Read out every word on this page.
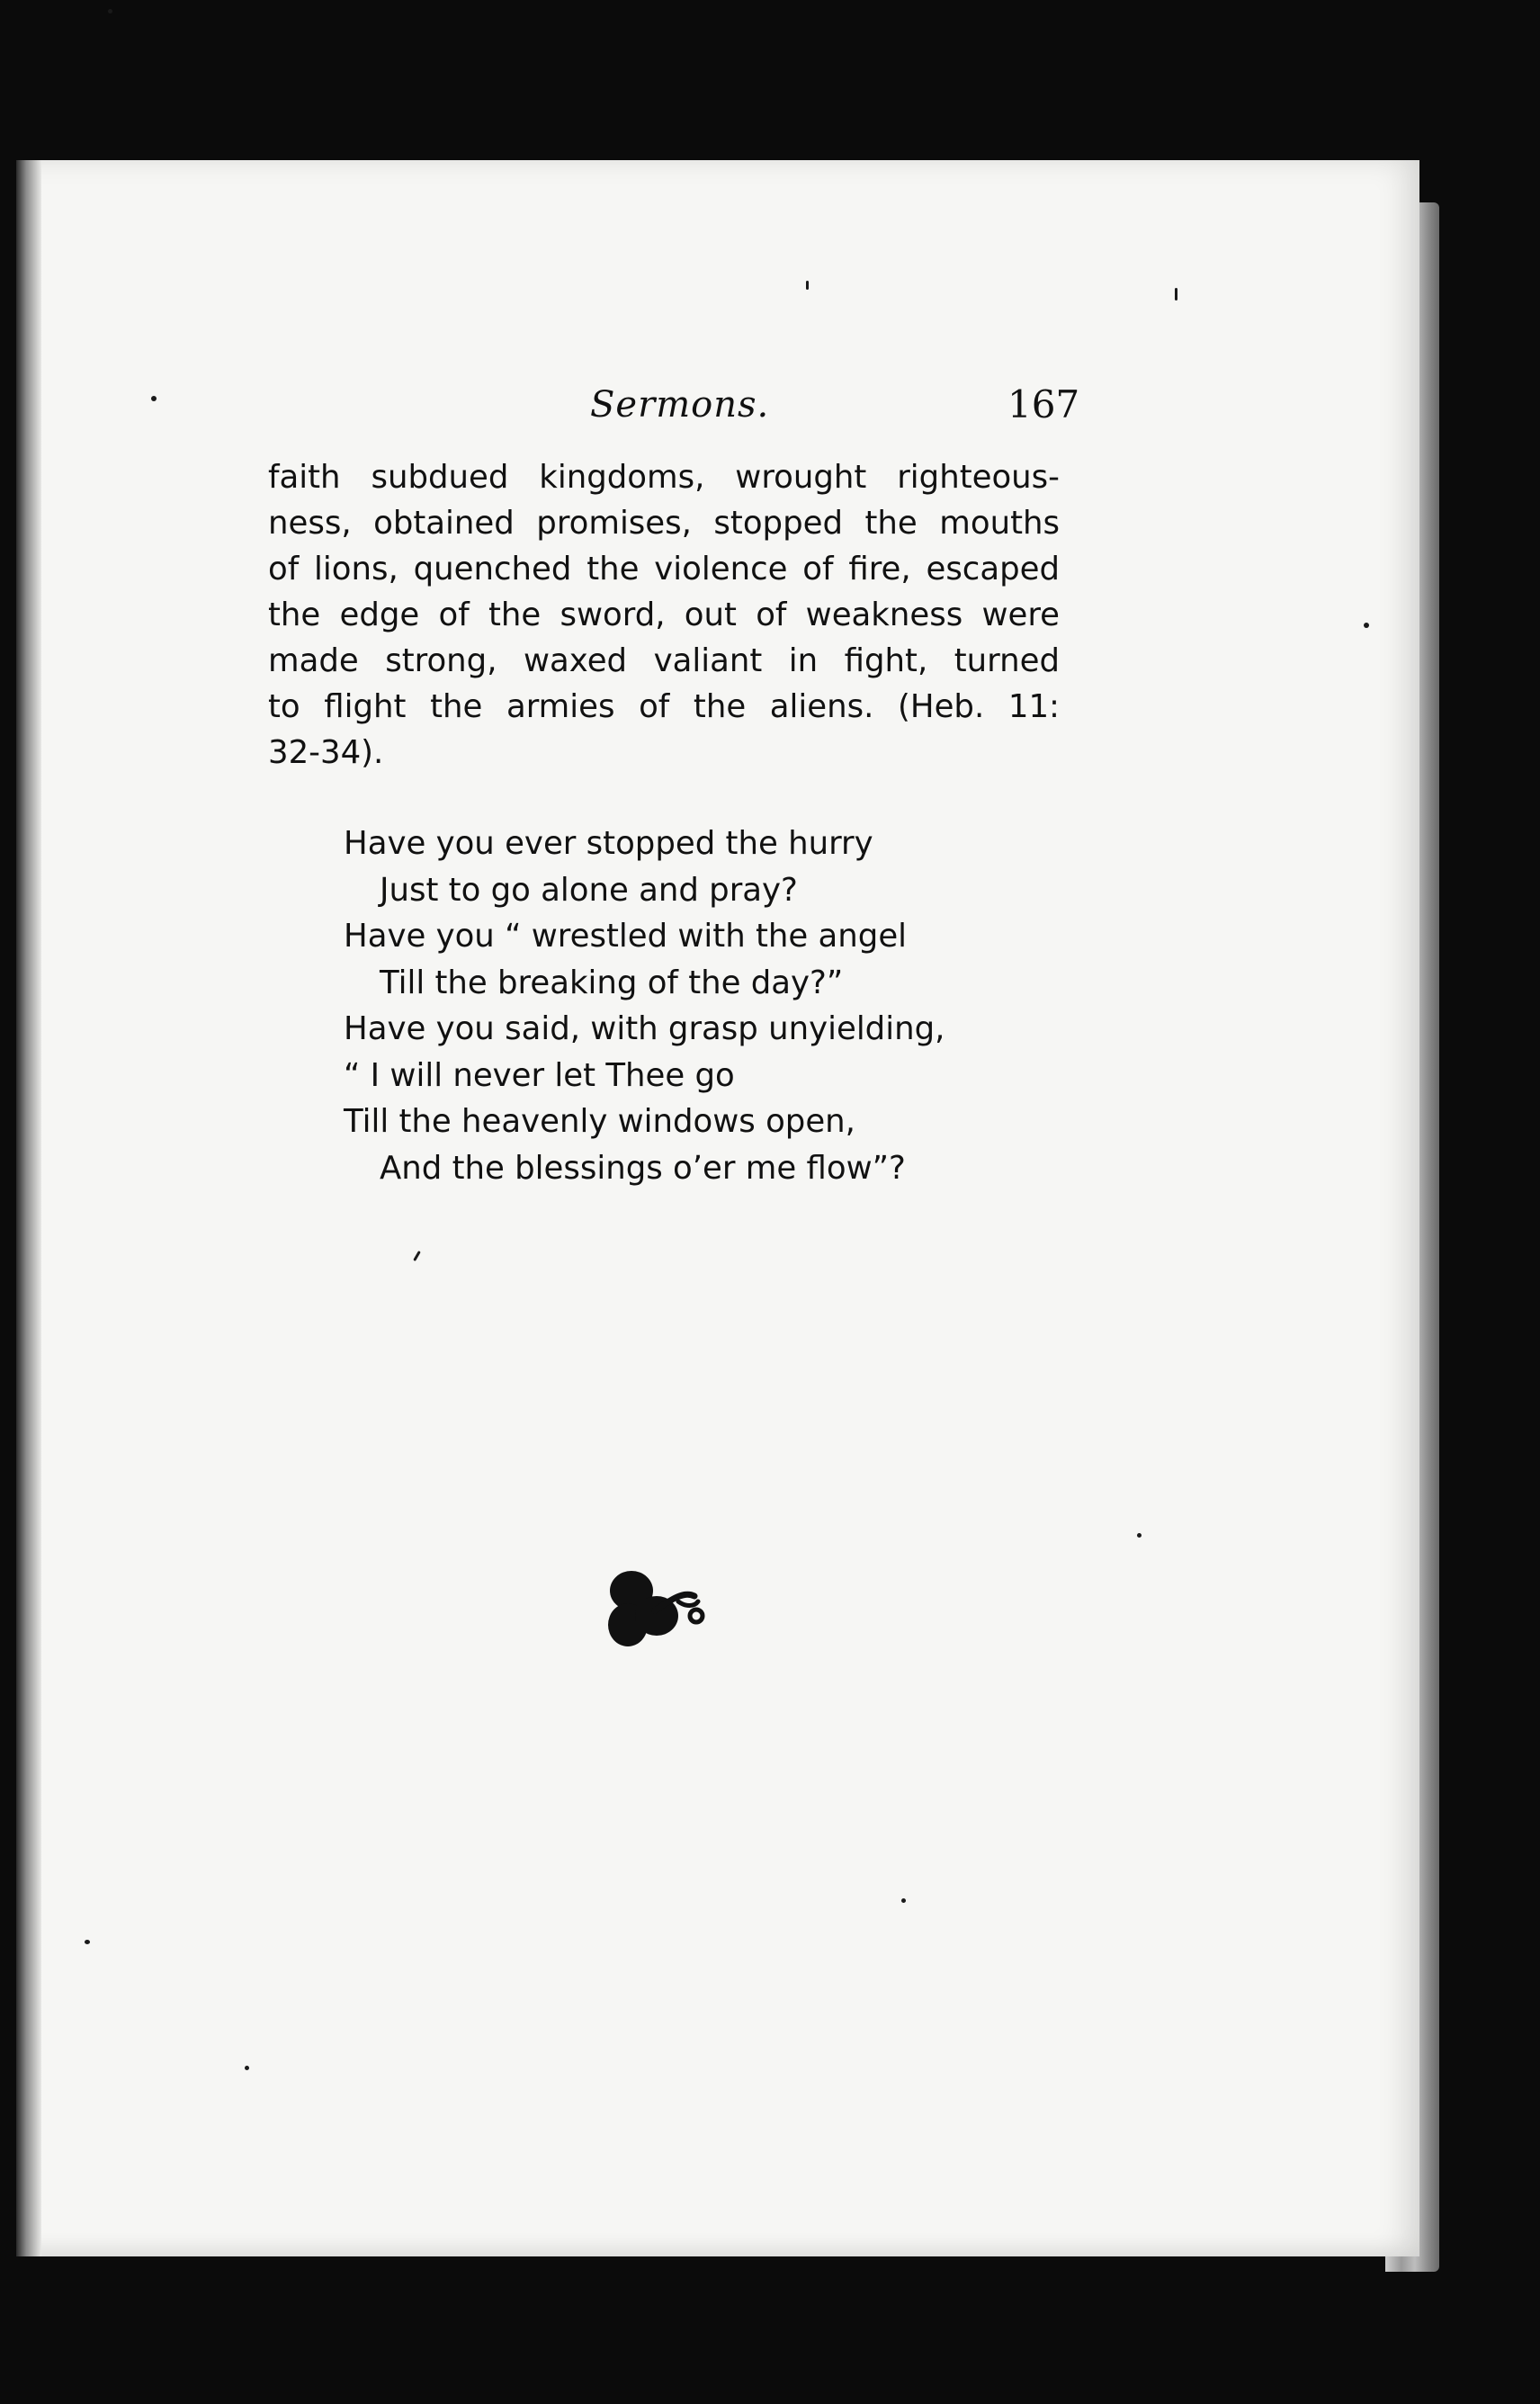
Sermons.	167
faith subdued kingdoms, wrought righteous-
ness, obtained promises, stopped the mouths
of lions, quenched the violence of fire, escaped
the edge of the sword, out of weakness were
made strong, waxed valiant in fight, turned
to flight the armies of the aliens. (Heb. 11:
32-34).
Have you ever stopped the hurry
Just to go alone and pray?
Have you “ wrestled with the angel
Till the breaking of the day?”
Have you said, with grasp unyielding,
“ I will never let Thee go
Till the heavenly windows open,
And the blessings o’er me flow”?
